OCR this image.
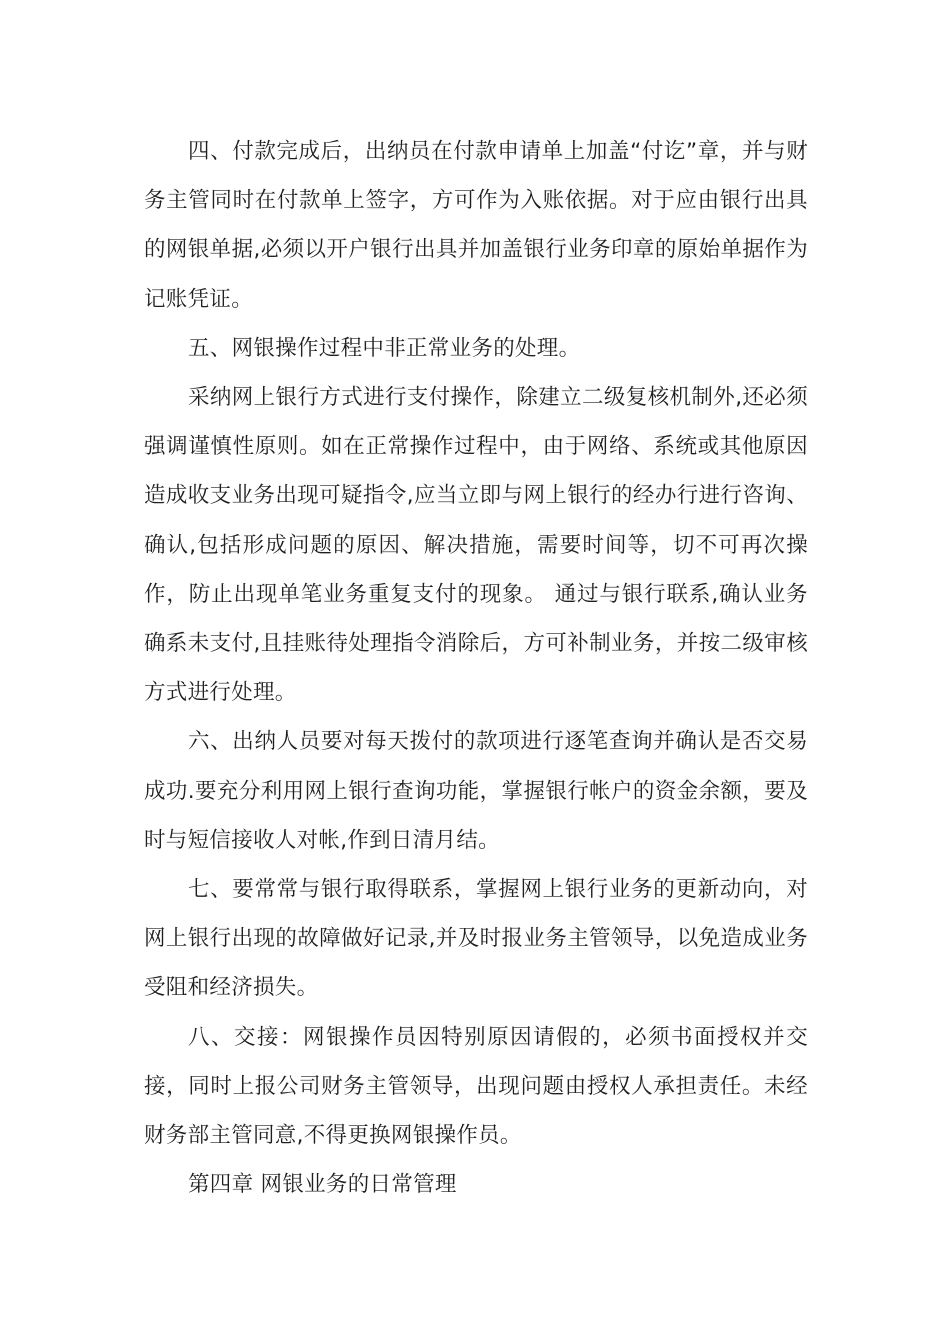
四、付款完成后，出纳员在付款申请单上加盖“付讫”章，并与财务主管同时在付款单上签字，方可作为入账依据。对于应由银行出具的网银单据,必须以开户银行出具并加盖银行业务印章的原始单据作为记账凭证。

五、网银操作过程中非正常业务的处理。

采纳网上银行方式进行支付操作，除建立二级复核机制外,还必须强调谨慎性原则。如在正常操作过程中，由于网络、系统或其他原因造成收支业务出现可疑指令,应当立即与网上银行的经办行进行咨询、确认,包括形成问题的原因、解决措施，需要时间等，切不可再次操作，防止出现单笔业务重复支付的现象。 通过与银行联系,确认业务确系未支付,且挂账待处理指令消除后，方可补制业务，并按二级审核方式进行处理。

六、出纳人员要对每天拨付的款项进行逐笔查询并确认是否交易成功.要充分利用网上银行查询功能，掌握银行帐户的资金余额，要及时与短信接收人对帐,作到日清月结。

七、要常常与银行取得联系，掌握网上银行业务的更新动向，对网上银行出现的故障做好记录,并及时报业务主管领导，以免造成业务受阻和经济损失。

八、交接：网银操作员因特别原因请假的，必须书面授权并交接，同时上报公司财务主管领导，出现问题由授权人承担责任。未经财务部主管同意,不得更换网银操作员。

第四章 网银业务的日常管理
